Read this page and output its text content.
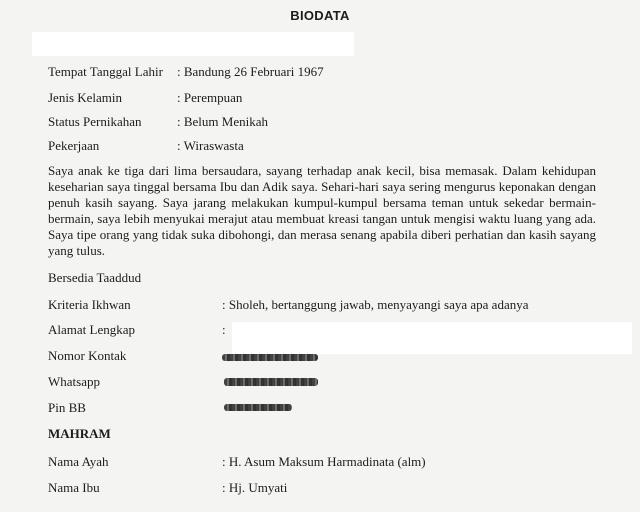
BIODATA
Tempat Tanggal Lahir : Bandung 26 Februari 1967
Jenis Kelamin	: Perempuan
Status Pernikahan	: Belum Menikah
Pekerjaan	: Wiraswasta
Saya anak ke tiga dari lima bersaudara, sayang terhadap anak kecil, bisa memasak. Dalam kehidupan keseharian saya tinggal bersama Ibu dan Adik saya. Sehari-hari saya sering mengurus keponakan dengan penuh kasih sayang. Saya jarang melakukan kumpul-kumpul bersama teman untuk sekedar bermain-bermain, saya lebih menyukai merajut atau membuat kreasi tangan untuk mengisi waktu luang yang ada. Saya tipe orang yang tidak suka dibohongi, dan merasa senang apabila diberi perhatian dan kasih sayang yang tulus.
Bersedia Taaddud
Kriteria Ikhwan	: Sholeh, bertanggung jawab, menyayangi saya apa adanya
Alamat Lengkap	:
Nomor Kontak
Whatsapp
Pin BB
MAHRAM
Nama Ayah	: H. Asum Maksum Harmadinata (alm)
Nama Ibu	: Hj. Umyati
